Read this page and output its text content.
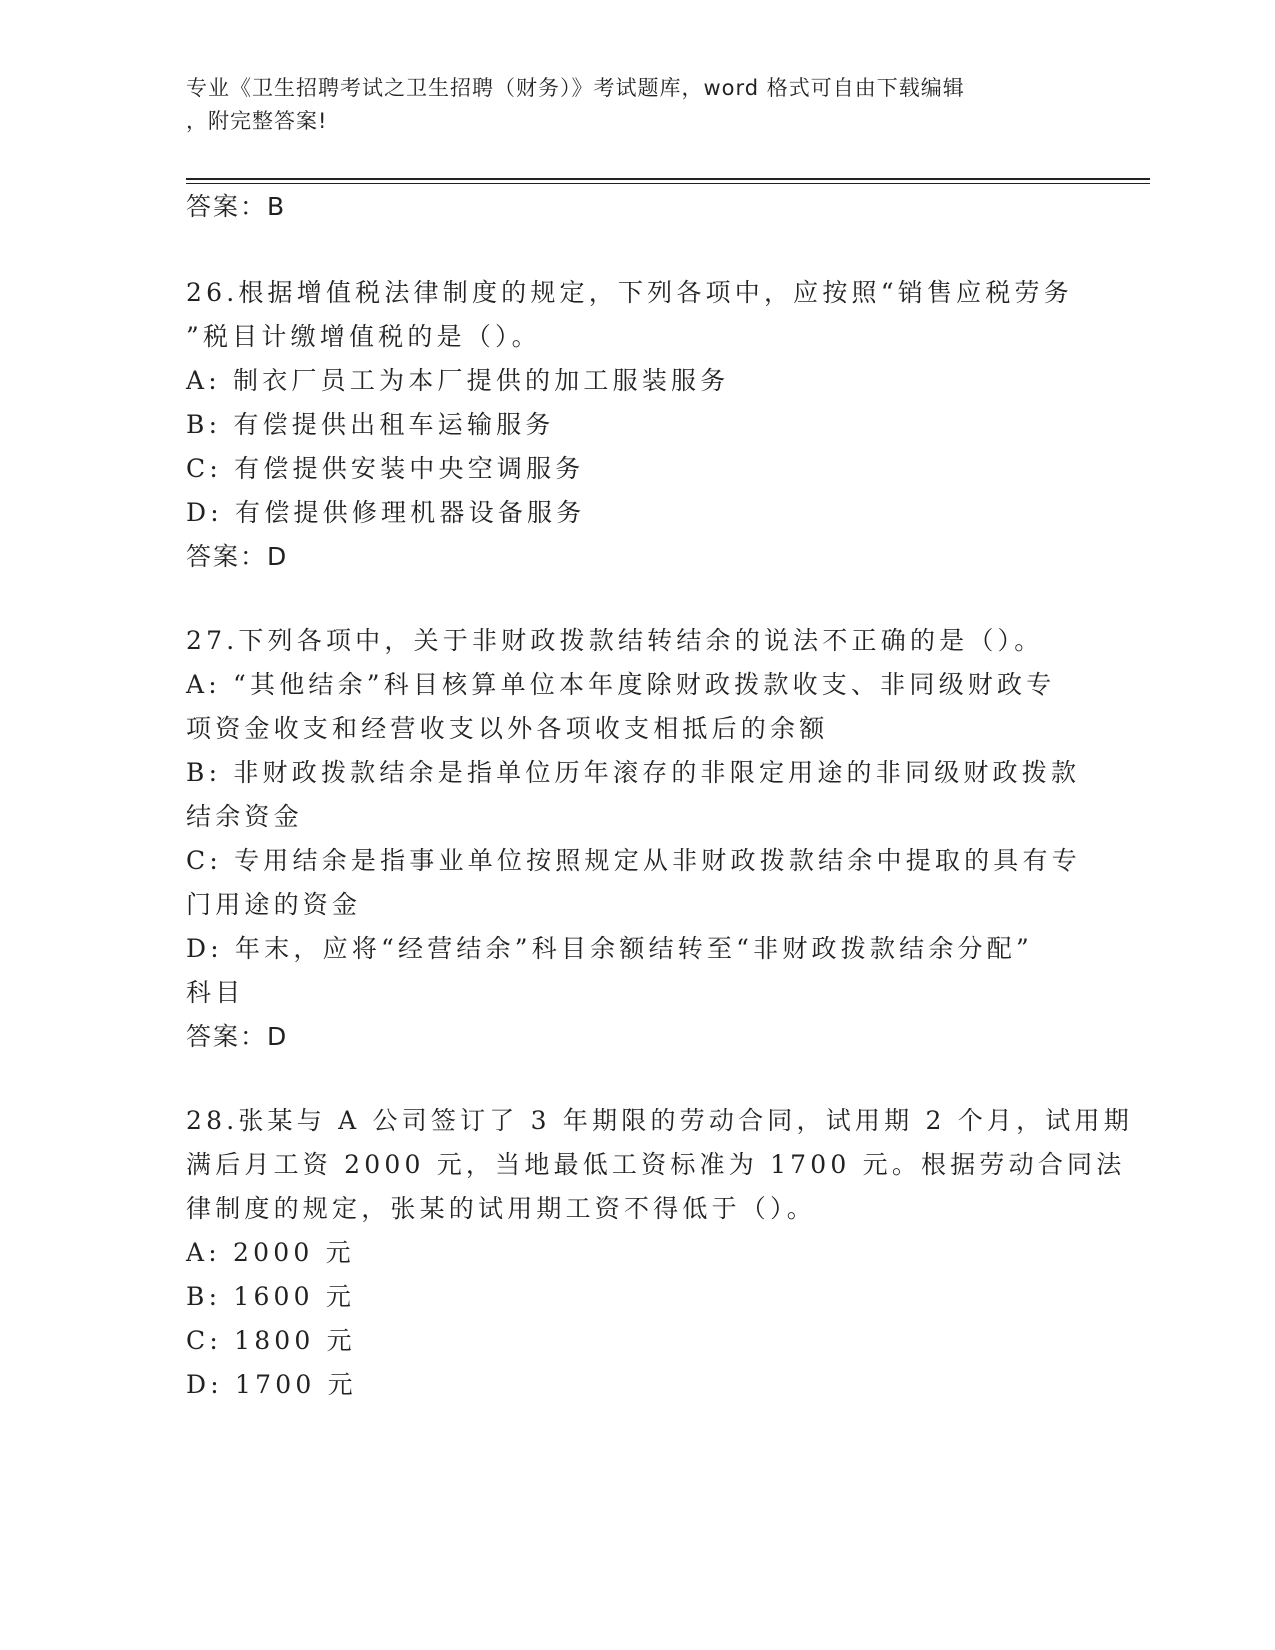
专业《卫生招聘考试之卫生招聘（财务）》考试题库，word 格式可自由下载编辑
，附完整答案!
答案：B
26.根据增值税法律制度的规定，下列各项中，应按照“销售应税劳务
”税目计缴增值税的是（）。
A: 制衣厂员工为本厂提供的加工服装服务
B: 有偿提供出租车运输服务
C: 有偿提供安装中央空调服务
D: 有偿提供修理机器设备服务
答案：D
27.下列各项中，关于非财政拨款结转结余的说法不正确的是（）。
A: “其他结余”科目核算单位本年度除财政拨款收支、非同级财政专
项资金收支和经营收支以外各项收支相抵后的余额
B: 非财政拨款结余是指单位历年滚存的非限定用途的非同级财政拨款
结余资金
C: 专用结余是指事业单位按照规定从非财政拨款结余中提取的具有专
门用途的资金
D: 年末，应将“经营结余”科目余额结转至“非财政拨款结余分配”
科目
答案：D
28.张某与 A 公司签订了 3 年期限的劳动合同，试用期 2 个月，试用期
满后月工资 2000 元，当地最低工资标准为 1700 元。根据劳动合同法
律制度的规定，张某的试用期工资不得低于（）。
A: 2000 元
B: 1600 元
C: 1800 元
D: 1700 元
